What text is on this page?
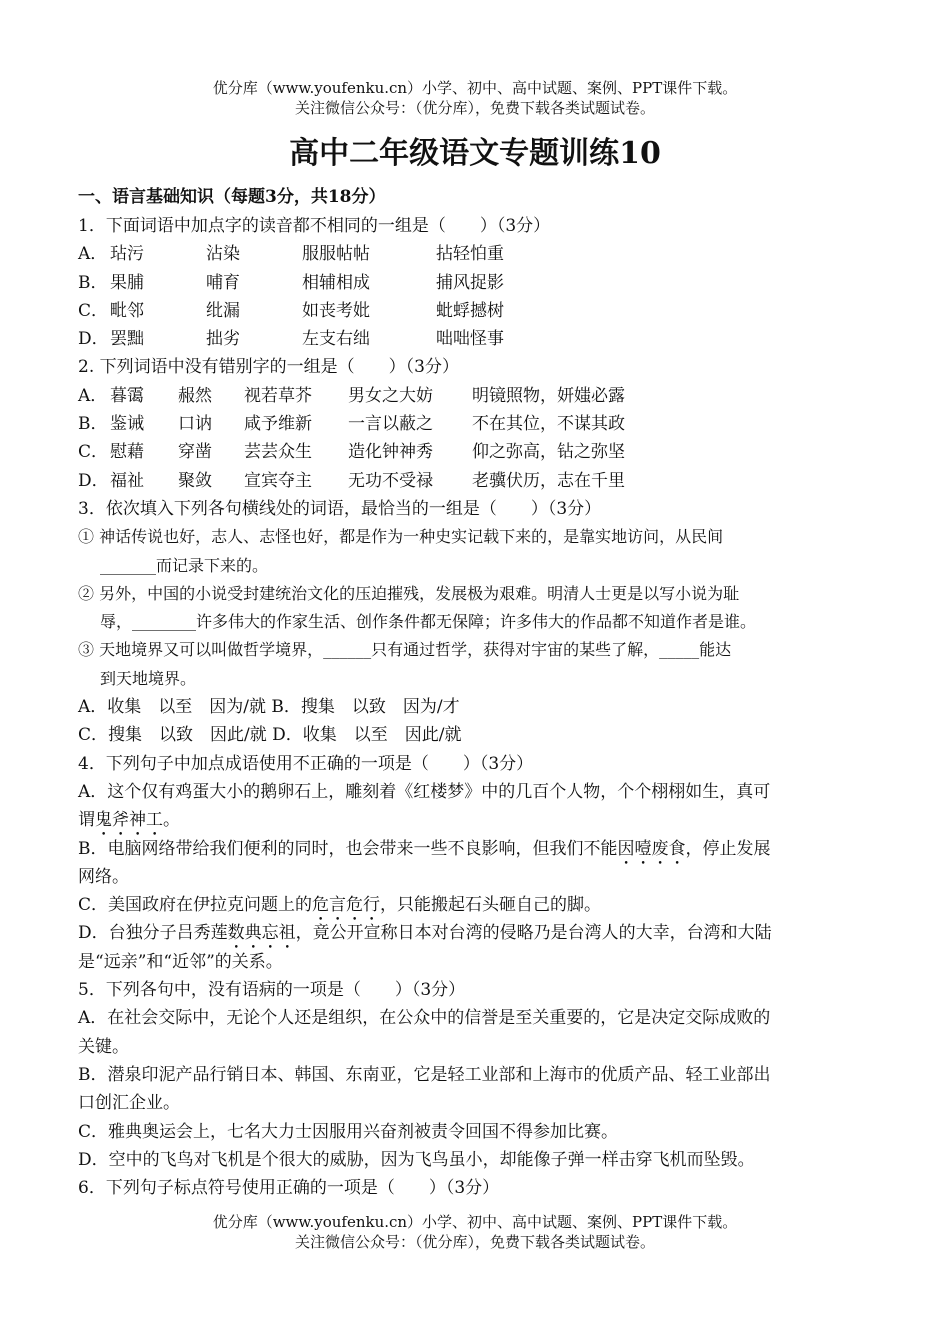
优分库（www.youfenku.cn）小学、初中、高中试题、案例、PPT课件下载。
关注微信公众号：（优分库），免费下载各类试题试卷。
高中二年级语文专题训练10
一、语言基础知识（每题3分，共18分）
1．下面词语中加点字的读音都不相同的一组是（　　）（3分）
A． 玷污	沾染	服服帖帖	拈轻怕重
B． 果脯	哺育	相辅相成	捕风捉影
C． 毗邻	纰漏	如丧考妣	蚍蜉撼树
D．罢黜	拙劣	左支右绌	咄咄怪事
2. 下列词语中没有错别字的一组是（　　）（3分）
A． 暮霭 赧然 视若草芥 男女之大妨 明镜照物，妍媸必露
B． 鉴诫 口讷 咸予维新 一言以蔽之 不在其位，不谋其政
C． 慰藉 穿凿 芸芸众生 造化钟神秀 仰之弥高，钻之弥坚
D．福祉 聚敛 宣宾夺主 无功不受禄 老骥伏历，志在千里
3．依次填入下列各句横线处的词语，最恰当的一组是（　　）（3分）
① 神话传说也好，志人、志怪也好，都是作为一种史实记载下来的，是靠实地访问，从民间
_______而记录下来的。
② 另外，中国的小说受封建统治文化的压迫摧残，发展极为艰难。明清人士更是以写小说为耻
辱，________许多伟大的作家生活、创作条件都无保障；许多伟大的作品都不知道作者是谁。
③ 天地境界又可以叫做哲学境界，______只有通过哲学，获得对宇宙的某些了解，_____能达
到天地境界。
A．收集　以至　因为/就 B．搜集　以致　因为/才
C．搜集　以致　因此/就 D．收集　以至　因此/就
4．下列句子中加点成语使用不正确的一项是（　　）（3分）
A．这个仅有鸡蛋大小的鹅卵石上，雕刻着《红楼梦》中的几百个人物，个个栩栩如生，真可
谓鬼斧神工。
B．电脑网络带给我们便利的同时，也会带来一些不良影响，但我们不能因噎废食，停止发展
网络。
C．美国政府在伊拉克问题上的危言危行，只能搬起石头砸自己的脚。
D．台独分子吕秀莲数典忘祖，竟公开宣称日本对台湾的侵略乃是台湾人的大幸，台湾和大陆
是“远亲”和“近邻”的关系。
5．下列各句中，没有语病的一项是（　　）（3分）
A．在社会交际中，无论个人还是组织，在公众中的信誉是至关重要的，它是决定交际成败的
关键。
B．潜泉印泥产品行销日本、韩国、东南亚，它是轻工业部和上海市的优质产品、轻工业部出
口创汇企业。
C．雅典奥运会上，七名大力士因服用兴奋剂被责令回国不得参加比赛。
D．空中的飞鸟对飞机是个很大的威胁，因为飞鸟虽小，却能像子弹一样击穿飞机而坠毁。
6．下列句子标点符号使用正确的一项是（　　）（3分）
优分库（www.youfenku.cn）小学、初中、高中试题、案例、PPT课件下载。
关注微信公众号：（优分库），免费下载各类试题试卷。
